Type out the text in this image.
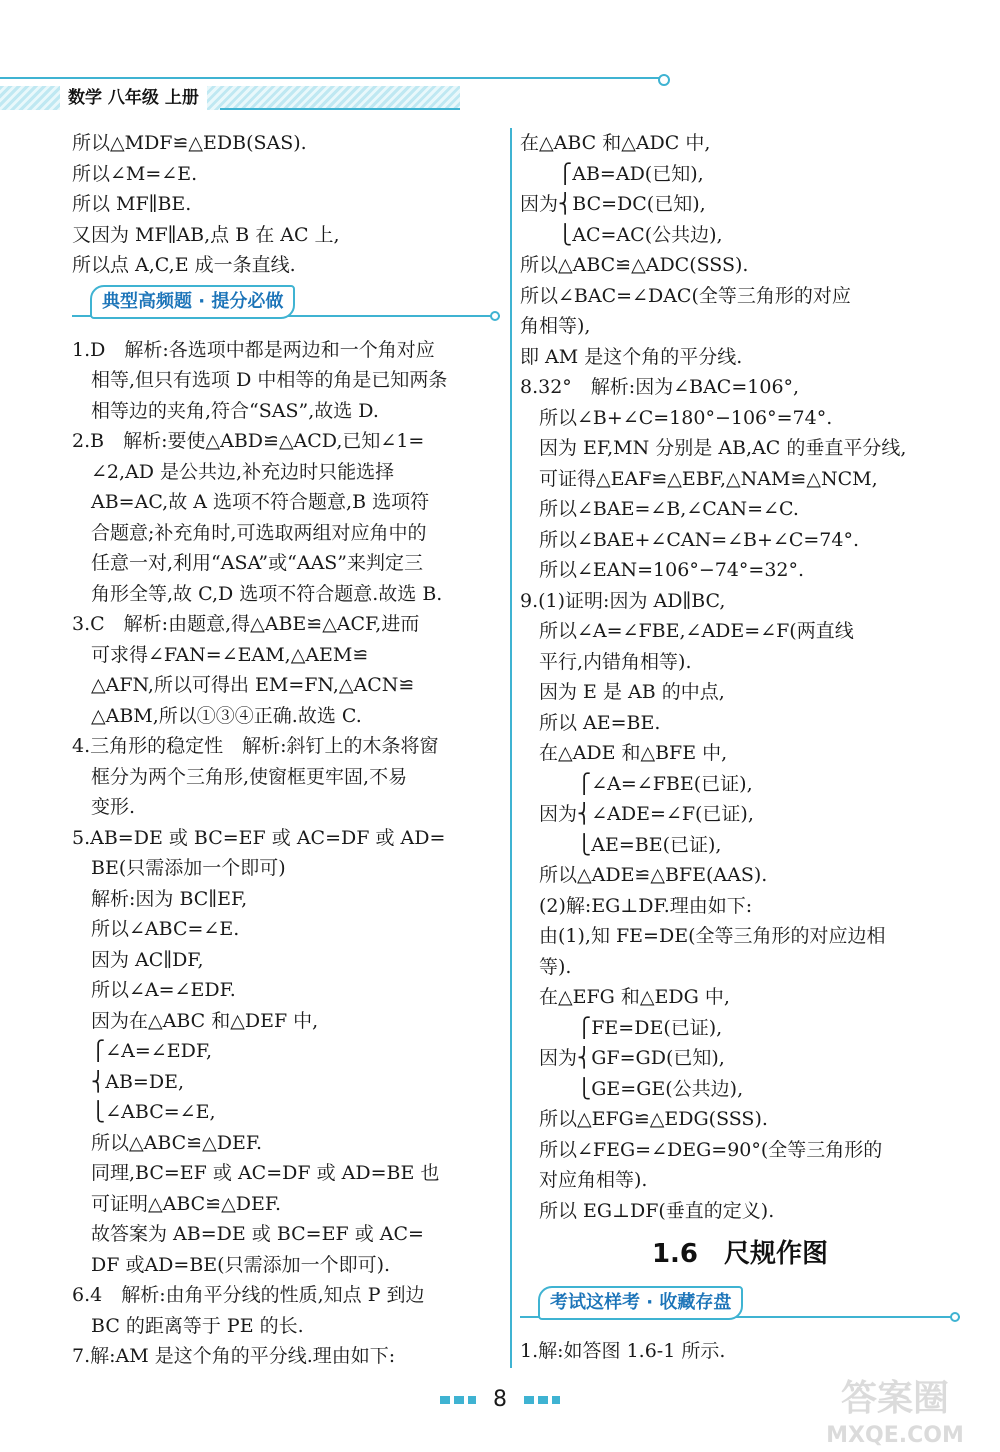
数学 八年级 上册
所以△MDF≌△EDB(SAS).
所以∠M=∠E.
所以 MF∥BE.
又因为 MF∥AB,点 B 在 AC 上,
所以点 A,C,E 成一条直线.
典型高频题 · 提分必做
1.D　解析:各选项中都是两边和一个角对应
　相等,但只有选项 D 中相等的角是已知两条
　相等边的夹角,符合“SAS”,故选 D.
2.B　解析:要使△ABD≌△ACD,已知∠1=
　∠2,AD 是公共边,补充边时只能选择
　AB=AC,故 A 选项不符合题意,B 选项符
　合题意;补充角时,可选取两组对应角中的
　任意一对,利用“ASA”或“AAS”来判定三
　角形全等,故 C,D 选项不符合题意.故选 B.
3.C　解析:由题意,得△ABE≌△ACF,进而
　可求得∠FAN=∠EAM,△AEM≌
　△AFN,所以可得出 EM=FN,△ACN≌
　△ABM,所以①③④正确.故选 C.
4.三角形的稳定性　解析:斜钉上的木条将窗
　框分为两个三角形,使窗框更牢固,不易
　变形.
5.AB=DE 或 BC=EF 或 AC=DF 或 AD=
　BE(只需添加一个即可)
　解析:因为 BC∥EF,
　所以∠ABC=∠E.
　因为 AC∥DF,
　所以∠A=∠EDF.
　因为在△ABC 和△DEF 中,
　⎧∠A=∠EDF,
　⎨AB=DE,
　⎩∠ABC=∠E,
　所以△ABC≌△DEF.
　同理,BC=EF 或 AC=DF 或 AD=BE 也
　可证明△ABC≌△DEF.
　故答案为 AB=DE 或 BC=EF 或 AC=
　DF 或AD=BE(只需添加一个即可).
6.4　解析:由角平分线的性质,知点 P 到边
　BC 的距离等于 PE 的长.
7.解:AM 是这个角的平分线.理由如下:
在△ABC 和△ADC 中,
　　⎧AB=AD(已知),
因为⎨BC=DC(已知),
　　⎩AC=AC(公共边),
所以△ABC≌△ADC(SSS).
所以∠BAC=∠DAC(全等三角形的对应
角相等),
即 AM 是这个角的平分线.
8.32°　解析:因为∠BAC=106°,
　所以∠B+∠C=180°−106°=74°.
　因为 EF,MN 分别是 AB,AC 的垂直平分线,
　可证得△EAF≌△EBF,△NAM≌△NCM,
　所以∠BAE=∠B,∠CAN=∠C.
　所以∠BAE+∠CAN=∠B+∠C=74°.
　所以∠EAN=106°−74°=32°.
9.(1)证明:因为 AD∥BC,
　所以∠A=∠FBE,∠ADE=∠F(两直线
　平行,内错角相等).
　因为 E 是 AB 的中点,
　所以 AE=BE.
　在△ADE 和△BFE 中,
　　　⎧∠A=∠FBE(已证),
　因为⎨∠ADE=∠F(已证),
　　　⎩AE=BE(已证),
　所以△ADE≌△BFE(AAS).
　(2)解:EG⊥DF.理由如下:
　由(1),知 FE=DE(全等三角形的对应边相
　等).
　在△EFG 和△EDG 中,
　　　⎧FE=DE(已证),
　因为⎨GF=GD(已知),
　　　⎩GE=GE(公共边),
　所以△EFG≌△EDG(SSS).
　所以∠FEG=∠DEG=90°(全等三角形的
　对应角相等).
　所以 EG⊥DF(垂直的定义).
1.6　尺规作图
考试这样考 · 收藏存盘
1.解:如答图 1.6-1 所示.
8	答案圈
MXQE.COM
